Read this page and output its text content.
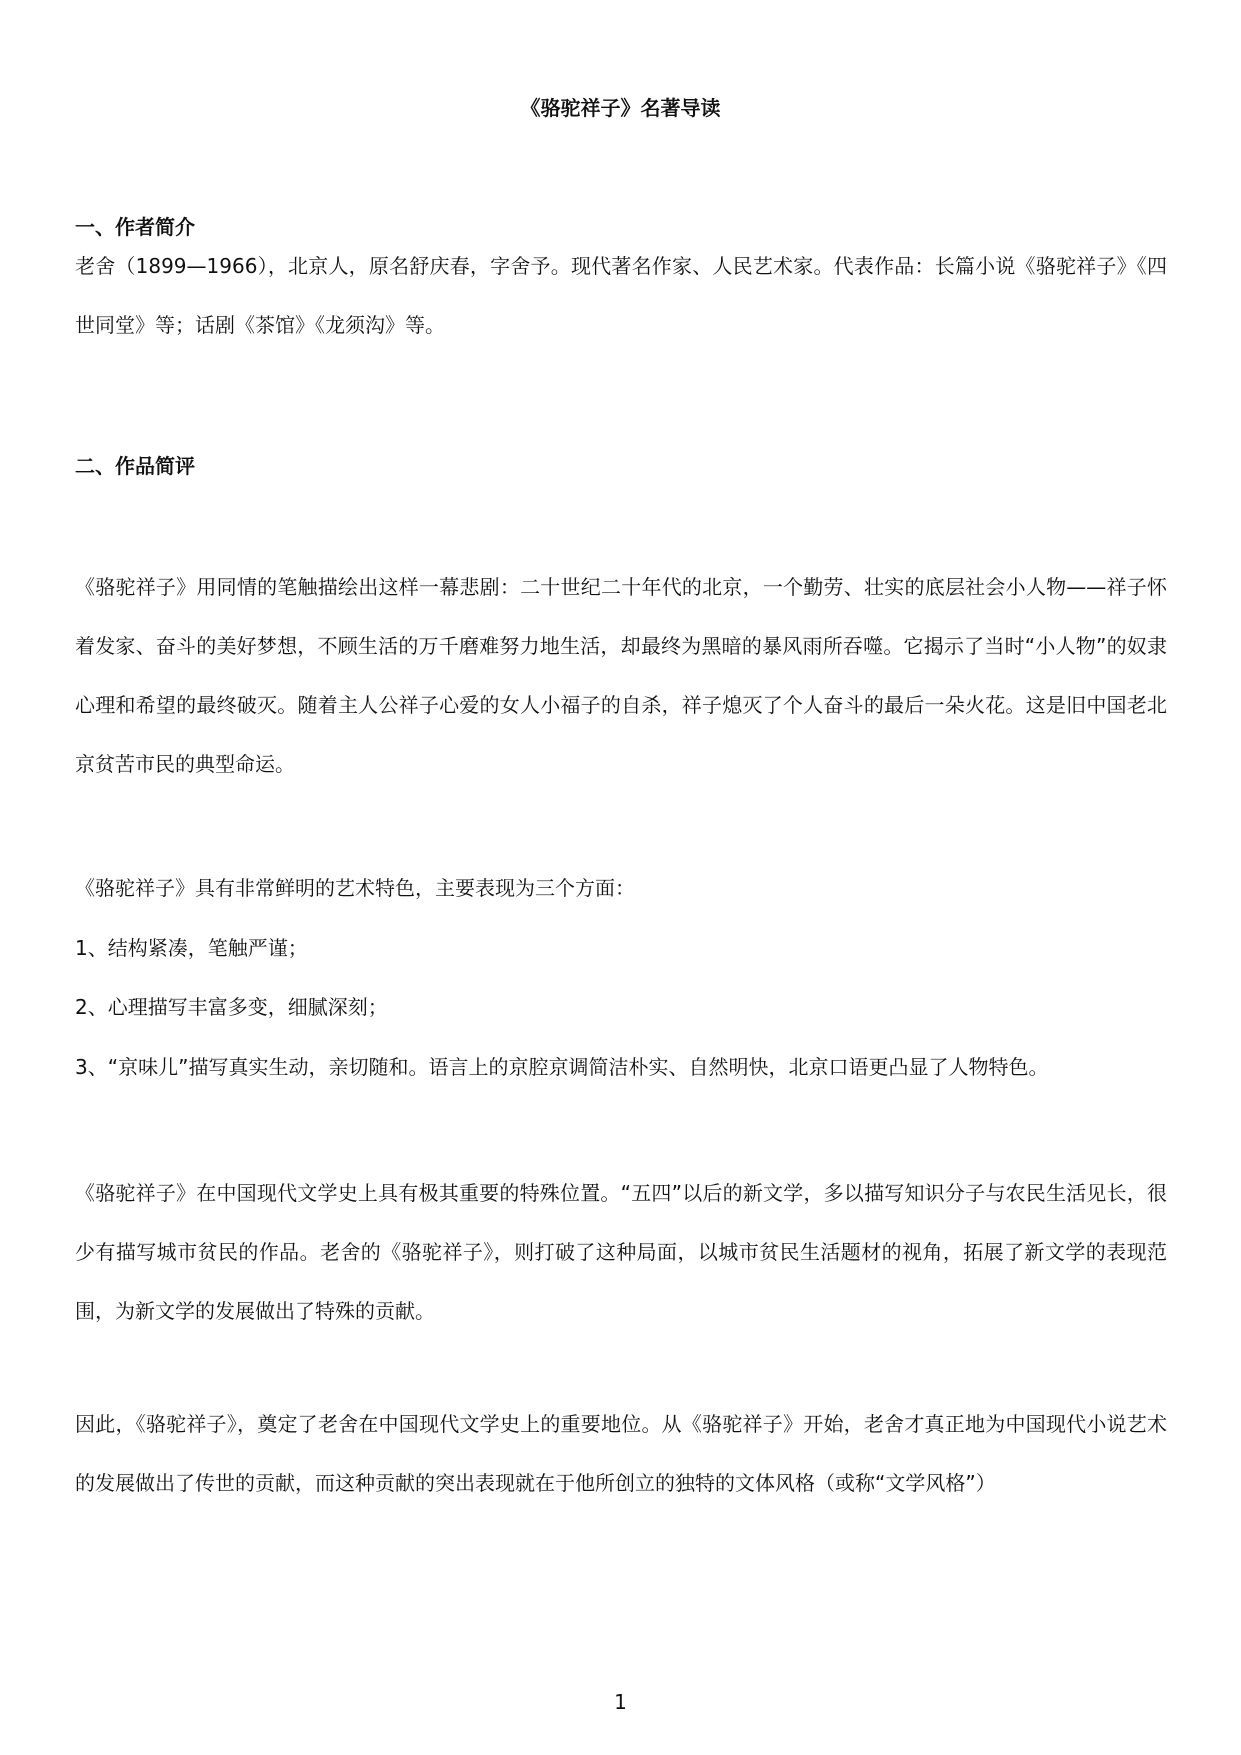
《骆驼祥子》名著导读
一、作者简介
老舍（1899—1966），北京人，原名舒庆春，字舍予。现代著名作家、人民艺术家。代表作品：长篇小说《骆驼祥子》《四世同堂》等；话剧《茶馆》《龙须沟》等。
二、作品简评
《骆驼祥子》用同情的笔触描绘出这样一幕悲剧：二十世纪二十年代的北京，一个勤劳、壮实的底层社会小人物——祥子怀着发家、奋斗的美好梦想，不顾生活的万千磨难努力地生活，却最终为黑暗的暴风雨所吞噬。它揭示了当时“小人物”的奴隶心理和希望的最终破灭。随着主人公祥子心爱的女人小福子的自杀，祥子熄灭了个人奋斗的最后一朵火花。这是旧中国老北京贫苦市民的典型命运。
《骆驼祥子》具有非常鲜明的艺术特色，主要表现为三个方面：
1、结构紧凑，笔触严谨；
2、心理描写丰富多变，细腻深刻；
3、“京味儿”描写真实生动，亲切随和。语言上的京腔京调简洁朴实、自然明快，北京口语更凸显了人物特色。
《骆驼祥子》在中国现代文学史上具有极其重要的特殊位置。“五四”以后的新文学，多以描写知识分子与农民生活见长，很少有描写城市贫民的作品。老舍的《骆驼祥子》，则打破了这种局面，以城市贫民生活题材的视角，拓展了新文学的表现范围，为新文学的发展做出了特殊的贡献。
因此，《骆驼祥子》，奠定了老舍在中国现代文学史上的重要地位。从《骆驼祥子》开始，老舍才真正地为中国现代小说艺术的发展做出了传世的贡献，而这种贡献的突出表现就在于他所创立的独特的文体风格（或称“文学风格”）
1
